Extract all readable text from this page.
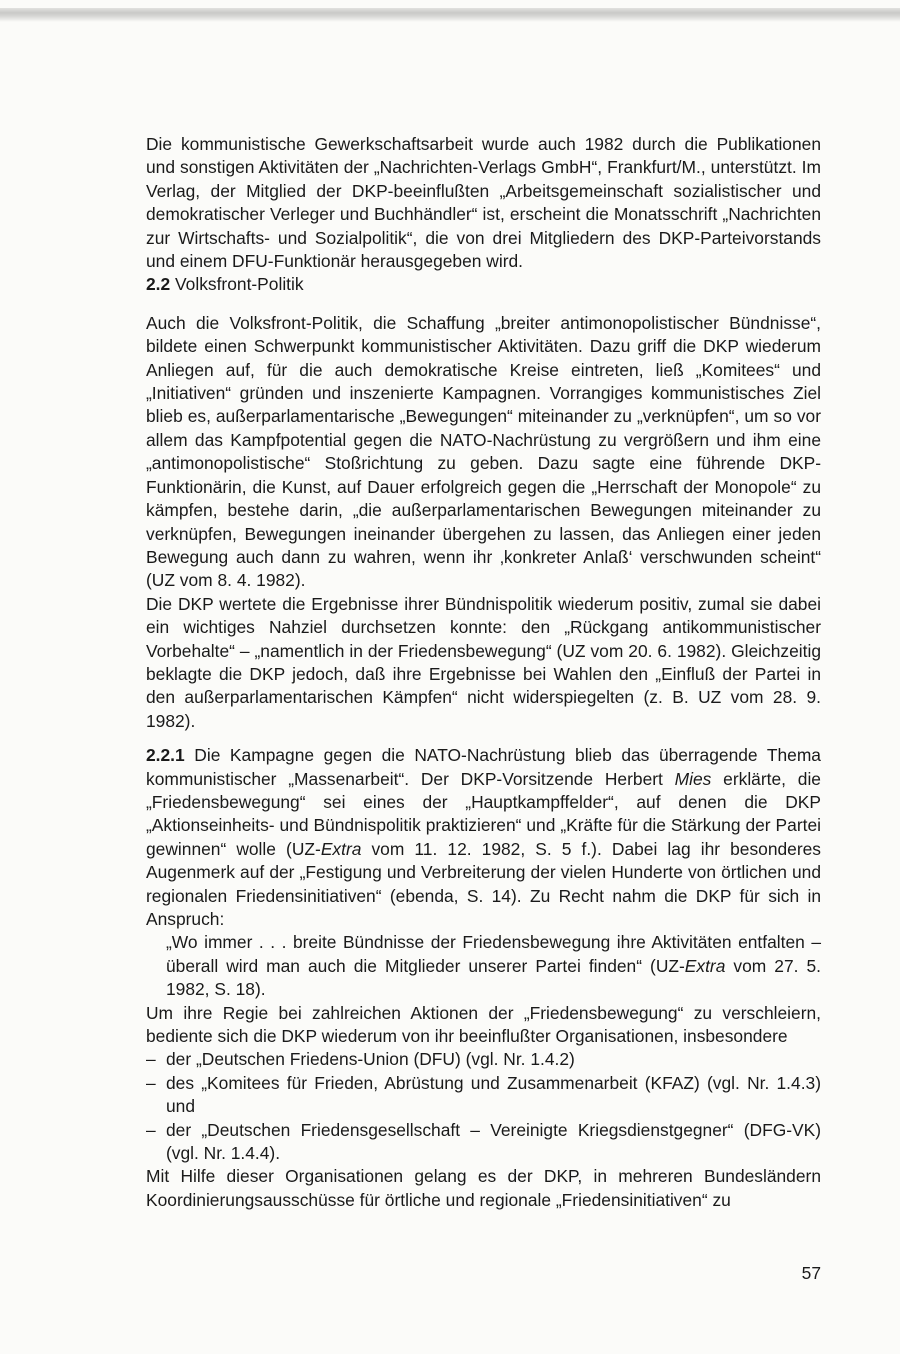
Die kommunistische Gewerkschaftsarbeit wurde auch 1982 durch die Publikationen und sonstigen Aktivitäten der „Nachrichten-Verlags GmbH“, Frankfurt/M., unterstützt. Im Verlag, der Mitglied der DKP-beeinflußten „Arbeitsgemeinschaft sozialistischer und demokratischer Verleger und Buchhändler“ ist, erscheint die Monatsschrift „Nachrichten zur Wirtschafts- und Sozialpolitik“, die von drei Mitgliedern des DKP-Parteivorstands und einem DFU-Funktionär herausgegeben wird.

2.2 Volksfront-Politik

Auch die Volksfront-Politik, die Schaffung „breiter antimonopolistischer Bündnisse“, bildete einen Schwerpunkt kommunistischer Aktivitäten. Dazu griff die DKP wiederum Anliegen auf, für die auch demokratische Kreise eintreten, ließ „Komitees“ und „Initiativen“ gründen und inszenierte Kampagnen. Vorrangiges kommunistisches Ziel blieb es, außerparlamentarische „Bewegungen“ miteinander zu „verknüpfen“, um so vor allem das Kampfpotential gegen die NATO-Nachrüstung zu vergrößern und ihm eine „antimonopolistische“ Stoßrichtung zu geben. Dazu sagte eine führende DKP-Funktionärin, die Kunst, auf Dauer erfolgreich gegen die „Herrschaft der Monopole“ zu kämpfen, bestehe darin, „die außerparlamentarischen Bewegungen miteinander zu verknüpfen, Bewegungen ineinander übergehen zu lassen, das Anliegen einer jeden Bewegung auch dann zu wahren, wenn ihr ‚konkreter Anlaß‘ verschwunden scheint“ (UZ vom 8. 4. 1982).

Die DKP wertete die Ergebnisse ihrer Bündnispolitik wiederum positiv, zumal sie dabei ein wichtiges Nahziel durchsetzen konnte: den „Rückgang antikommunistischer Vorbehalte“ – „namentlich in der Friedensbewegung“ (UZ vom 20. 6. 1982). Gleichzeitig beklagte die DKP jedoch, daß ihre Ergebnisse bei Wahlen den „Einfluß der Partei in den außerparlamentarischen Kämpfen“ nicht widerspiegelten (z. B. UZ vom 28. 9. 1982).

2.2.1 Die Kampagne gegen die NATO-Nachrüstung blieb das überragende Thema kommunistischer „Massenarbeit“. Der DKP-Vorsitzende Herbert Mies erklärte, die „Friedensbewegung“ sei eines der „Hauptkampffelder“, auf denen die DKP „Aktionseinheits- und Bündnispolitik praktizieren“ und „Kräfte für die Stärkung der Partei gewinnen“ wolle (UZ-Extra vom 11. 12. 1982, S. 5 f.). Dabei lag ihr besonderes Augenmerk auf der „Festigung und Verbreiterung der vielen Hunderte von örtlichen und regionalen Friedensinitiativen“ (ebenda, S. 14). Zu Recht nahm die DKP für sich in Anspruch:

„Wo immer . . . breite Bündnisse der Friedensbewegung ihre Aktivitäten entfalten – überall wird man auch die Mitglieder unserer Partei finden“ (UZ-Extra vom 27. 5. 1982, S. 18).

Um ihre Regie bei zahlreichen Aktionen der „Friedensbewegung“ zu verschleiern, bediente sich die DKP wiederum von ihr beeinflußter Organisationen, insbesondere

– der „Deutschen Friedens-Union (DFU) (vgl. Nr. 1.4.2)
– des „Komitees für Frieden, Abrüstung und Zusammenarbeit (KFAZ) (vgl. Nr. 1.4.3) und
– der „Deutschen Friedensgesellschaft – Vereinigte Kriegsdienstgegner“ (DFG-VK) (vgl. Nr. 1.4.4).

Mit Hilfe dieser Organisationen gelang es der DKP, in mehreren Bundesländern Koordinierungsausschüsse für örtliche und regionale „Friedensinitiativen“ zu

57
